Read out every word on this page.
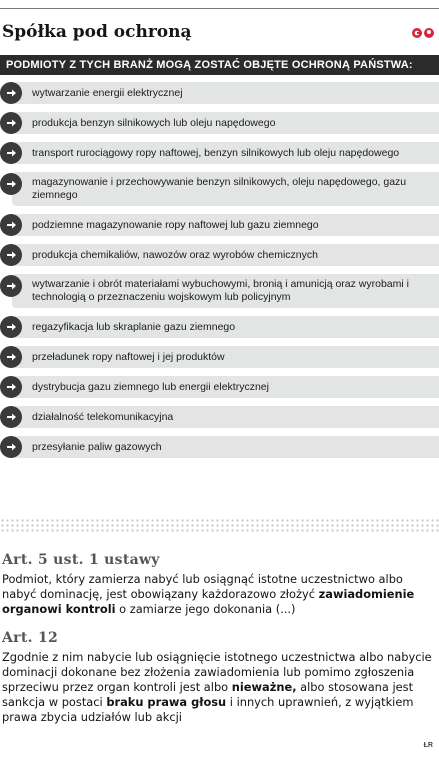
Spółka pod ochroną
PODMIOTY Z TYCH BRANŻ MOGĄ ZOSTAĆ OBJĘTE OCHRONĄ PAŃSTWA:
wytwarzanie energii elektrycznej
produkcja benzyn silnikowych lub oleju napędowego
transport rurociągowy ropy naftowej, benzyn silnikowych lub oleju napędowego
magazynowanie i przechowywanie benzyn silnikowych, oleju napędowego, gazu ziemnego
podziemne magazynowanie ropy naftowej lub gazu ziemnego
produkcja chemikaliów, nawozów oraz wyrobów chemicznych
wytwarzanie i obrót materiałami wybuchowymi, bronią i amunicją oraz wyrobami i technologią o przeznaczeniu wojskowym lub policyjnym
regazyfikacja lub skraplanie gazu ziemnego
przeładunek ropy naftowej i jej produktów
dystrybucja gazu ziemnego lub energii elektrycznej
działalność telekomunikacyjna
przesyłanie paliw gazowych
Art. 5 ust. 1 ustawy
Podmiot, który zamierza nabyć lub osiągnąć istotne uczestnictwo albo nabyć dominację, jest obowiązany każdorazowo złożyć zawiadomienie organowi kontroli o zamiarze jego dokonania (...)
Art. 12
Zgodnie z nim nabycie lub osiągnięcie istotnego uczestnictwa albo nabycie dominacji dokonane bez złożenia zawiadomienia lub pomimo zgłoszenia sprzeciwu przez organ kontroli jest albo nieważne, albo stosowana jest sankcja w postaci braku prawa głosu i innych uprawnień, z wyjątkiem prawa zbycia udziałów lub akcji
ŁR
